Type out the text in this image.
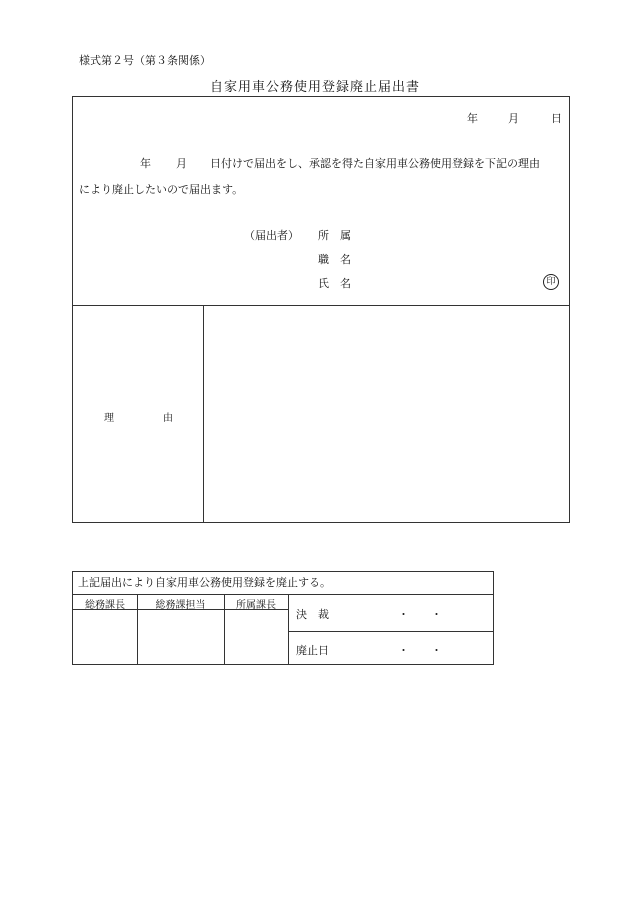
様式第２号（第３条関係）
自家用車公務使用登録廃止届出書
年	月	日
年 月 日付けで届出をし、承認を得た自家用車公務使用登録を下記の理由
により廃止したいので届出ます。
（届出者） 所　属
職　名
氏　名	印
理	由
上記届出により自家用車公務使用登録を廃止する。
総務課長	総務課担当	所属課長
決　裁	・　　・
廃止日	・　　・
